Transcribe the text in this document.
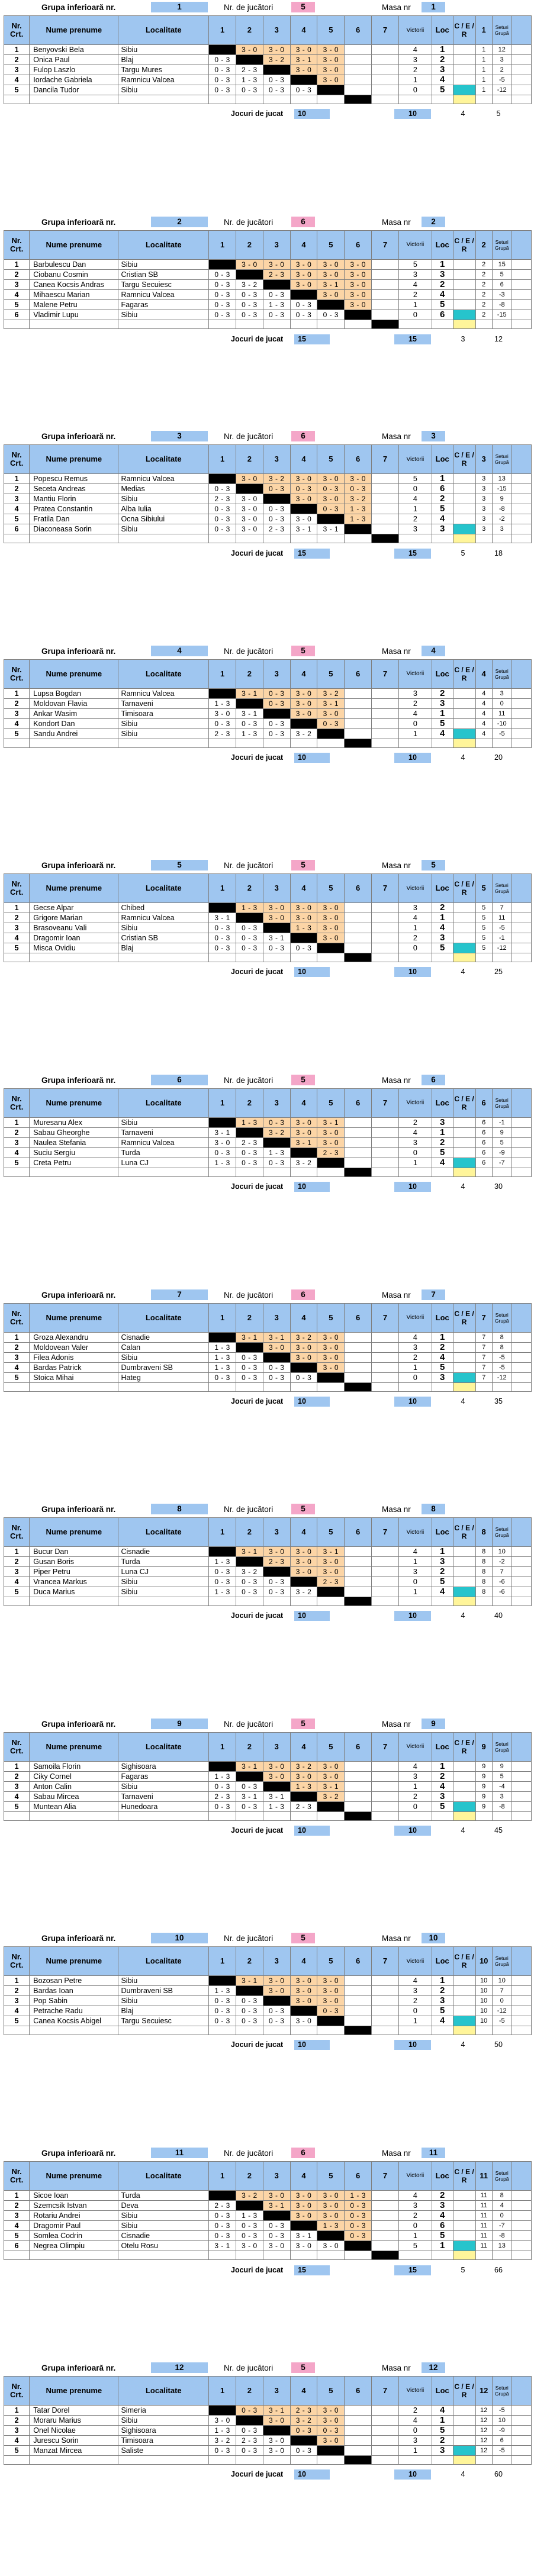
Grupa inferioară nr.	1	Nr. de jucători	5	Masa nr	1
Nr. Crt.	Nume prenume	Localitate	1	2	3	4	5	6	7	Victorii	Loc	C / E / R	1	Seturi Grupă	
1	Benyovski Bela	Sibiu		3 - 0	3 - 0	3 - 0	3 - 0			4	1		1	12	
2	Onica Paul	Blaj	0 - 3		3 - 2	3 - 1	3 - 0			3	2		1	3	
3	Fulop Laszlo	Targu Mures	0 - 3	2 - 3		3 - 0	3 - 0			2	3		1	2	
4	Iordache Gabriela	Ramnicu Valcea	0 - 3	1 - 3	0 - 3		3 - 0			1	4		1	-5	
5	Dancila Tudor	Sibiu	0 - 3	0 - 3	0 - 3	0 - 3				0	5		1	-12	

Jocuri de jucat	10	10	4	5
Grupa inferioară nr.	2	Nr. de jucători	6	Masa nr	2
Nr. Crt.	Nume prenume	Localitate	1	2	3	4	5	6	7	Victorii	Loc	C / E / R	2	Seturi Grupă	
1	Barbulescu Dan	Sibiu		3 - 0	3 - 0	3 - 0	3 - 0	3 - 0		5	1		2	15	
2	Ciobanu Cosmin	Cristian SB	0 - 3		2 - 3	3 - 0	3 - 0	3 - 0		3	3		2	5	
3	Canea Kocsis Andras	Targu Secuiesc	0 - 3	3 - 2		3 - 0	3 - 1	3 - 0		4	2		2	6	
4	Mihaescu Marian	Ramnicu Valcea	0 - 3	0 - 3	0 - 3		3 - 0	3 - 0		2	4		2	-3	
5	Malene Petru	Fagaras	0 - 3	0 - 3	1 - 3	0 - 3		3 - 0		1	5		2	-8	
6	Vladimir Lupu	Sibiu	0 - 3	0 - 3	0 - 3	0 - 3	0 - 3			0	6		2	-15	

Jocuri de jucat	15	15	3	12
Grupa inferioară nr.	3	Nr. de jucători	6	Masa nr	3
Nr. Crt.	Nume prenume	Localitate	1	2	3	4	5	6	7	Victorii	Loc	C / E / R	3	Seturi Grupă	
1	Popescu Remus	Ramnicu Valcea		3 - 0	3 - 2	3 - 0	3 - 0	3 - 0		5	1		3	13	
2	Seceta Andreas	Medias	0 - 3		0 - 3	0 - 3	0 - 3	0 - 3		0	6		3	-15	
3	Mantiu Florin	Sibiu	2 - 3	3 - 0		3 - 0	3 - 0	3 - 2		4	2		3	9	
4	Pratea Constantin	Alba Iulia	0 - 3	3 - 0	0 - 3		0 - 3	1 - 3		1	5		3	-8	
5	Fratila Dan	Ocna Sibiului	0 - 3	3 - 0	0 - 3	3 - 0		1 - 3		2	4		3	-2	
6	Diaconeasa Sorin	Sibiu	0 - 3	3 - 0	2 - 3	3 - 1	3 - 1			3	3		3	3	

Jocuri de jucat	15	15	5	18
Grupa inferioară nr.	4	Nr. de jucători	5	Masa nr	4
Nr. Crt.	Nume prenume	Localitate	1	2	3	4	5	6	7	Victorii	Loc	C / E / R	4	Seturi Grupă	
1	Lupsa Bogdan	Ramnicu Valcea		3 - 1	0 - 3	3 - 0	3 - 2			3	2		4	3	
2	Moldovan Flavia	Tarnaveni	1 - 3		0 - 3	3 - 0	3 - 1			2	3		4	0	
3	Ankar Wasim	Timisoara	3 - 0	3 - 1		3 - 0	3 - 0			4	1		4	11	
4	Kondort Dan	Sibiu	0 - 3	0 - 3	0 - 3		0 - 3			0	5		4	-10	
5	Sandu Andrei	Sibiu	2 - 3	1 - 3	0 - 3	3 - 2				1	4		4	-5	

Jocuri de jucat	10	10	4	20
Grupa inferioară nr.	5	Nr. de jucători	5	Masa nr	5
Nr. Crt.	Nume prenume	Localitate	1	2	3	4	5	6	7	Victorii	Loc	C / E / R	5	Seturi Grupă	
1	Gecse Alpar	Chibed		1 - 3	3 - 0	3 - 0	3 - 0			3	2		5	7	
2	Grigore Marian	Ramnicu Valcea	3 - 1		3 - 0	3 - 0	3 - 0			4	1		5	11	
3	Brasoveanu Vali	Sibiu	0 - 3	0 - 3		1 - 3	3 - 0			1	4		5	-5	
4	Dragomir Ioan	Cristian SB	0 - 3	0 - 3	3 - 1		3 - 0			2	3		5	-1	
5	Misca Ovidiu	Blaj	0 - 3	0 - 3	0 - 3	0 - 3				0	5		5	-12	

Jocuri de jucat	10	10	4	25
Grupa inferioară nr.	6	Nr. de jucători	5	Masa nr	6
Nr. Crt.	Nume prenume	Localitate	1	2	3	4	5	6	7	Victorii	Loc	C / E / R	6	Seturi Grupă	
1	Muresanu Alex	Sibiu		1 - 3	0 - 3	3 - 0	3 - 1			2	3		6	-1	
2	Sabau Gheorghe	Tarnaveni	3 - 1		3 - 2	3 - 0	3 - 0			4	1		6	9	
3	Naulea Stefania	Ramnicu Valcea	3 - 0	2 - 3		3 - 1	3 - 0			3	2		6	5	
4	Suciu Sergiu	Turda	0 - 3	0 - 3	1 - 3		2 - 3			0	5		6	-9	
5	Creta Petru	Luna CJ	1 - 3	0 - 3	0 - 3	3 - 2				1	4		6	-7	

Jocuri de jucat	10	10	4	30
Grupa inferioară nr.	7	Nr. de jucători	6	Masa nr	7
Nr. Crt.	Nume prenume	Localitate	1	2	3	4	5	6	7	Victorii	Loc	C / E / R	7	Seturi Grupă	
1	Groza Alexandru	Cisnadie		3 - 1	3 - 1	3 - 2	3 - 0			4	1		7	8	
2	Moldovean Valer	Calan	1 - 3		3 - 0	3 - 0	3 - 0			3	2		7	8	
3	Filea Adonis	Sibiu	1 - 3	0 - 3		3 - 0	3 - 0			2	4		7	-5	
4	Bardas Patrick	Dumbraveni SB	1 - 3	0 - 3	0 - 3		3 - 0			1	5		7	-5	
5	Stoica Mihai	Hateg	0 - 3	0 - 3	0 - 3	0 - 3				0	3		7	-12	

Jocuri de jucat	10	10	4	35
Grupa inferioară nr.	8	Nr. de jucători	5	Masa nr	8
Nr. Crt.	Nume prenume	Localitate	1	2	3	4	5	6	7	Victorii	Loc	C / E / R	8	Seturi Grupă	
1	Bucur Dan	Cisnadie		3 - 1	3 - 0	3 - 0	3 - 1			4	1		8	10	
2	Gusan Boris	Turda	1 - 3		2 - 3	3 - 0	3 - 0			1	3		8	-2	
3	Piper Petru	Luna CJ	0 - 3	3 - 2		3 - 0	3 - 0			3	2		8	7	
4	Vrancea Markus	Sibiu	0 - 3	0 - 3	0 - 3		2 - 3			0	5		8	-6	
5	Duca Marius	Sibiu	1 - 3	0 - 3	0 - 3	3 - 2				1	4		8	-6	

Jocuri de jucat	10	10	4	40
Grupa inferioară nr.	9	Nr. de jucători	5	Masa nr	9
Nr. Crt.	Nume prenume	Localitate	1	2	3	4	5	6	7	Victorii	Loc	C / E / R	9	Seturi Grupă	
1	Samoila Florin	Sighisoara		3 - 1	3 - 0	3 - 2	3 - 0			4	1		9	9	
2	Ciky Cornel	Fagaras	1 - 3		3 - 0	3 - 0	3 - 0			3	2		9	5	
3	Anton Calin	Sibiu	0 - 3	0 - 3		1 - 3	3 - 1			1	4		9	-4	
4	Sabau Mircea	Tarnaveni	2 - 3	3 - 1	3 - 1		3 - 2			2	3		9	3	
5	Muntean Alia	Hunedoara	0 - 3	0 - 3	1 - 3	2 - 3				0	5		9	-8	

Jocuri de jucat	10	10	4	45
Grupa inferioară nr.	10	Nr. de jucători	5	Masa nr	10
Nr. Crt.	Nume prenume	Localitate	1	2	3	4	5	6	7	Victorii	Loc	C / E / R	10	Seturi Grupă	
1	Bozosan Petre	Sibiu		3 - 1	3 - 0	3 - 0	3 - 0			4	1		10	10	
2	Bardas Ioan	Dumbraveni SB	1 - 3		3 - 0	3 - 0	3 - 0			3	2		10	7	
3	Pop Sabin	Sibiu	0 - 3	0 - 3		3 - 0	3 - 0			2	3		10	0	
4	Petrache Radu	Blaj	0 - 3	0 - 3	0 - 3		0 - 3			0	5		10	-12	
5	Canea Kocsis Abigel	Targu Secuiesc	0 - 3	0 - 3	0 - 3	3 - 0				1	4		10	-5	

Jocuri de jucat	10	10	4	50
Grupa inferioară nr.	11	Nr. de jucători	6	Masa nr	11
Nr. Crt.	Nume prenume	Localitate	1	2	3	4	5	6	7	Victorii	Loc	C / E / R	11	Seturi Grupă	
1	Sicoe Ioan	Turda		3 - 2	3 - 0	3 - 0	3 - 0	1 - 3		4	2		11	8	
2	Szemcsik Istvan	Deva	2 - 3		3 - 1	3 - 0	3 - 0	0 - 3		3	3		11	4	
3	Rotariu Andrei	Sibiu	0 - 3	1 - 3		3 - 0	3 - 0	0 - 3		2	4		11	0	
4	Dragomir Paul	Sibiu	0 - 3	0 - 3	0 - 3		1 - 3	0 - 3		0	6		11	-7	
5	Somlea Codrin	Cisnadie	0 - 3	0 - 3	0 - 3	3 - 1		0 - 3		1	5		11	-8	
6	Negrea Olimpiu	Otelu Rosu	3 - 1	3 - 0	3 - 0	3 - 0	3 - 0			5	1		11	13	

Jocuri de jucat	15	15	5	66
Grupa inferioară nr.	12	Nr. de jucători	5	Masa nr	12
Nr. Crt.	Nume prenume	Localitate	1	2	3	4	5	6	7	Victorii	Loc	C / E / R	12	Seturi Grupă	
1	Tatar Dorel	Simeria		0 - 3	3 - 1	2 - 3	3 - 0			2	4		12	-5	
2	Moraru Marius	Sibiu	3 - 0		3 - 0	3 - 2	3 - 0			4	1		12	10	
3	Onel Nicolae	Sighisoara	1 - 3	0 - 3		0 - 3	0 - 3			0	5		12	-9	
4	Jurescu Sorin	Timisoara	3 - 2	2 - 3	3 - 0		3 - 0			3	2		12	6	
5	Manzat Mircea	Saliste	0 - 3	0 - 3	3 - 0	0 - 3				1	3		12	-5	

Jocuri de jucat	10	10	4	60
